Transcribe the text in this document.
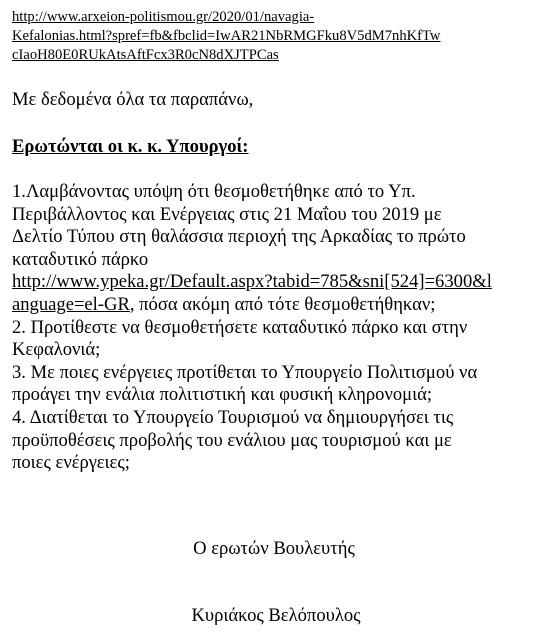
http://www.arxeion-politismou.gr/2020/01/navagia-
Kefalonias.html?spref=fb&fbclid=IwAR21NbRMGFku8V5dM7nhKfTw
cIaoH80E0RUkAtsAftFcx3R0cN8dXJTPCas
Με δεδομένα όλα τα παραπάνω,
Ερωτώνται οι κ. κ. Υπουργοί:
1.Λαμβάνοντας υπόψη ότι θεσμοθετήθηκε από το Υπ.
Περιβάλλοντος και Ενέργειας στις 21 Μαΐου του 2019 με
Δελτίο Τύπου στη θαλάσσια περιοχή της Αρκαδίας το πρώτο
καταδυτικό πάρκο
http://www.ypeka.gr/Default.aspx?tabid=785&sni[524]=6300&l
anguage=el-GR, πόσα ακόμη από τότε θεσμοθετήθηκαν;
2. Προτίθεστε να θεσμοθετήσετε καταδυτικό πάρκο και στην
Κεφαλονιά;
3. Με ποιες ενέργειες προτίθεται το Υπουργείο Πολιτισμού να
προάγει την ενάλια πολιτιστική και φυσική κληρονομιά;
4. Διατίθεται το Υπουργείο Τουρισμού να δημιουργήσει τις
προϋποθέσεις προβολής του ενάλιου μας τουρισμού και με
ποιες ενέργειες;
Ο ερωτών Βουλευτής
Κυριάκος Βελόπουλος
